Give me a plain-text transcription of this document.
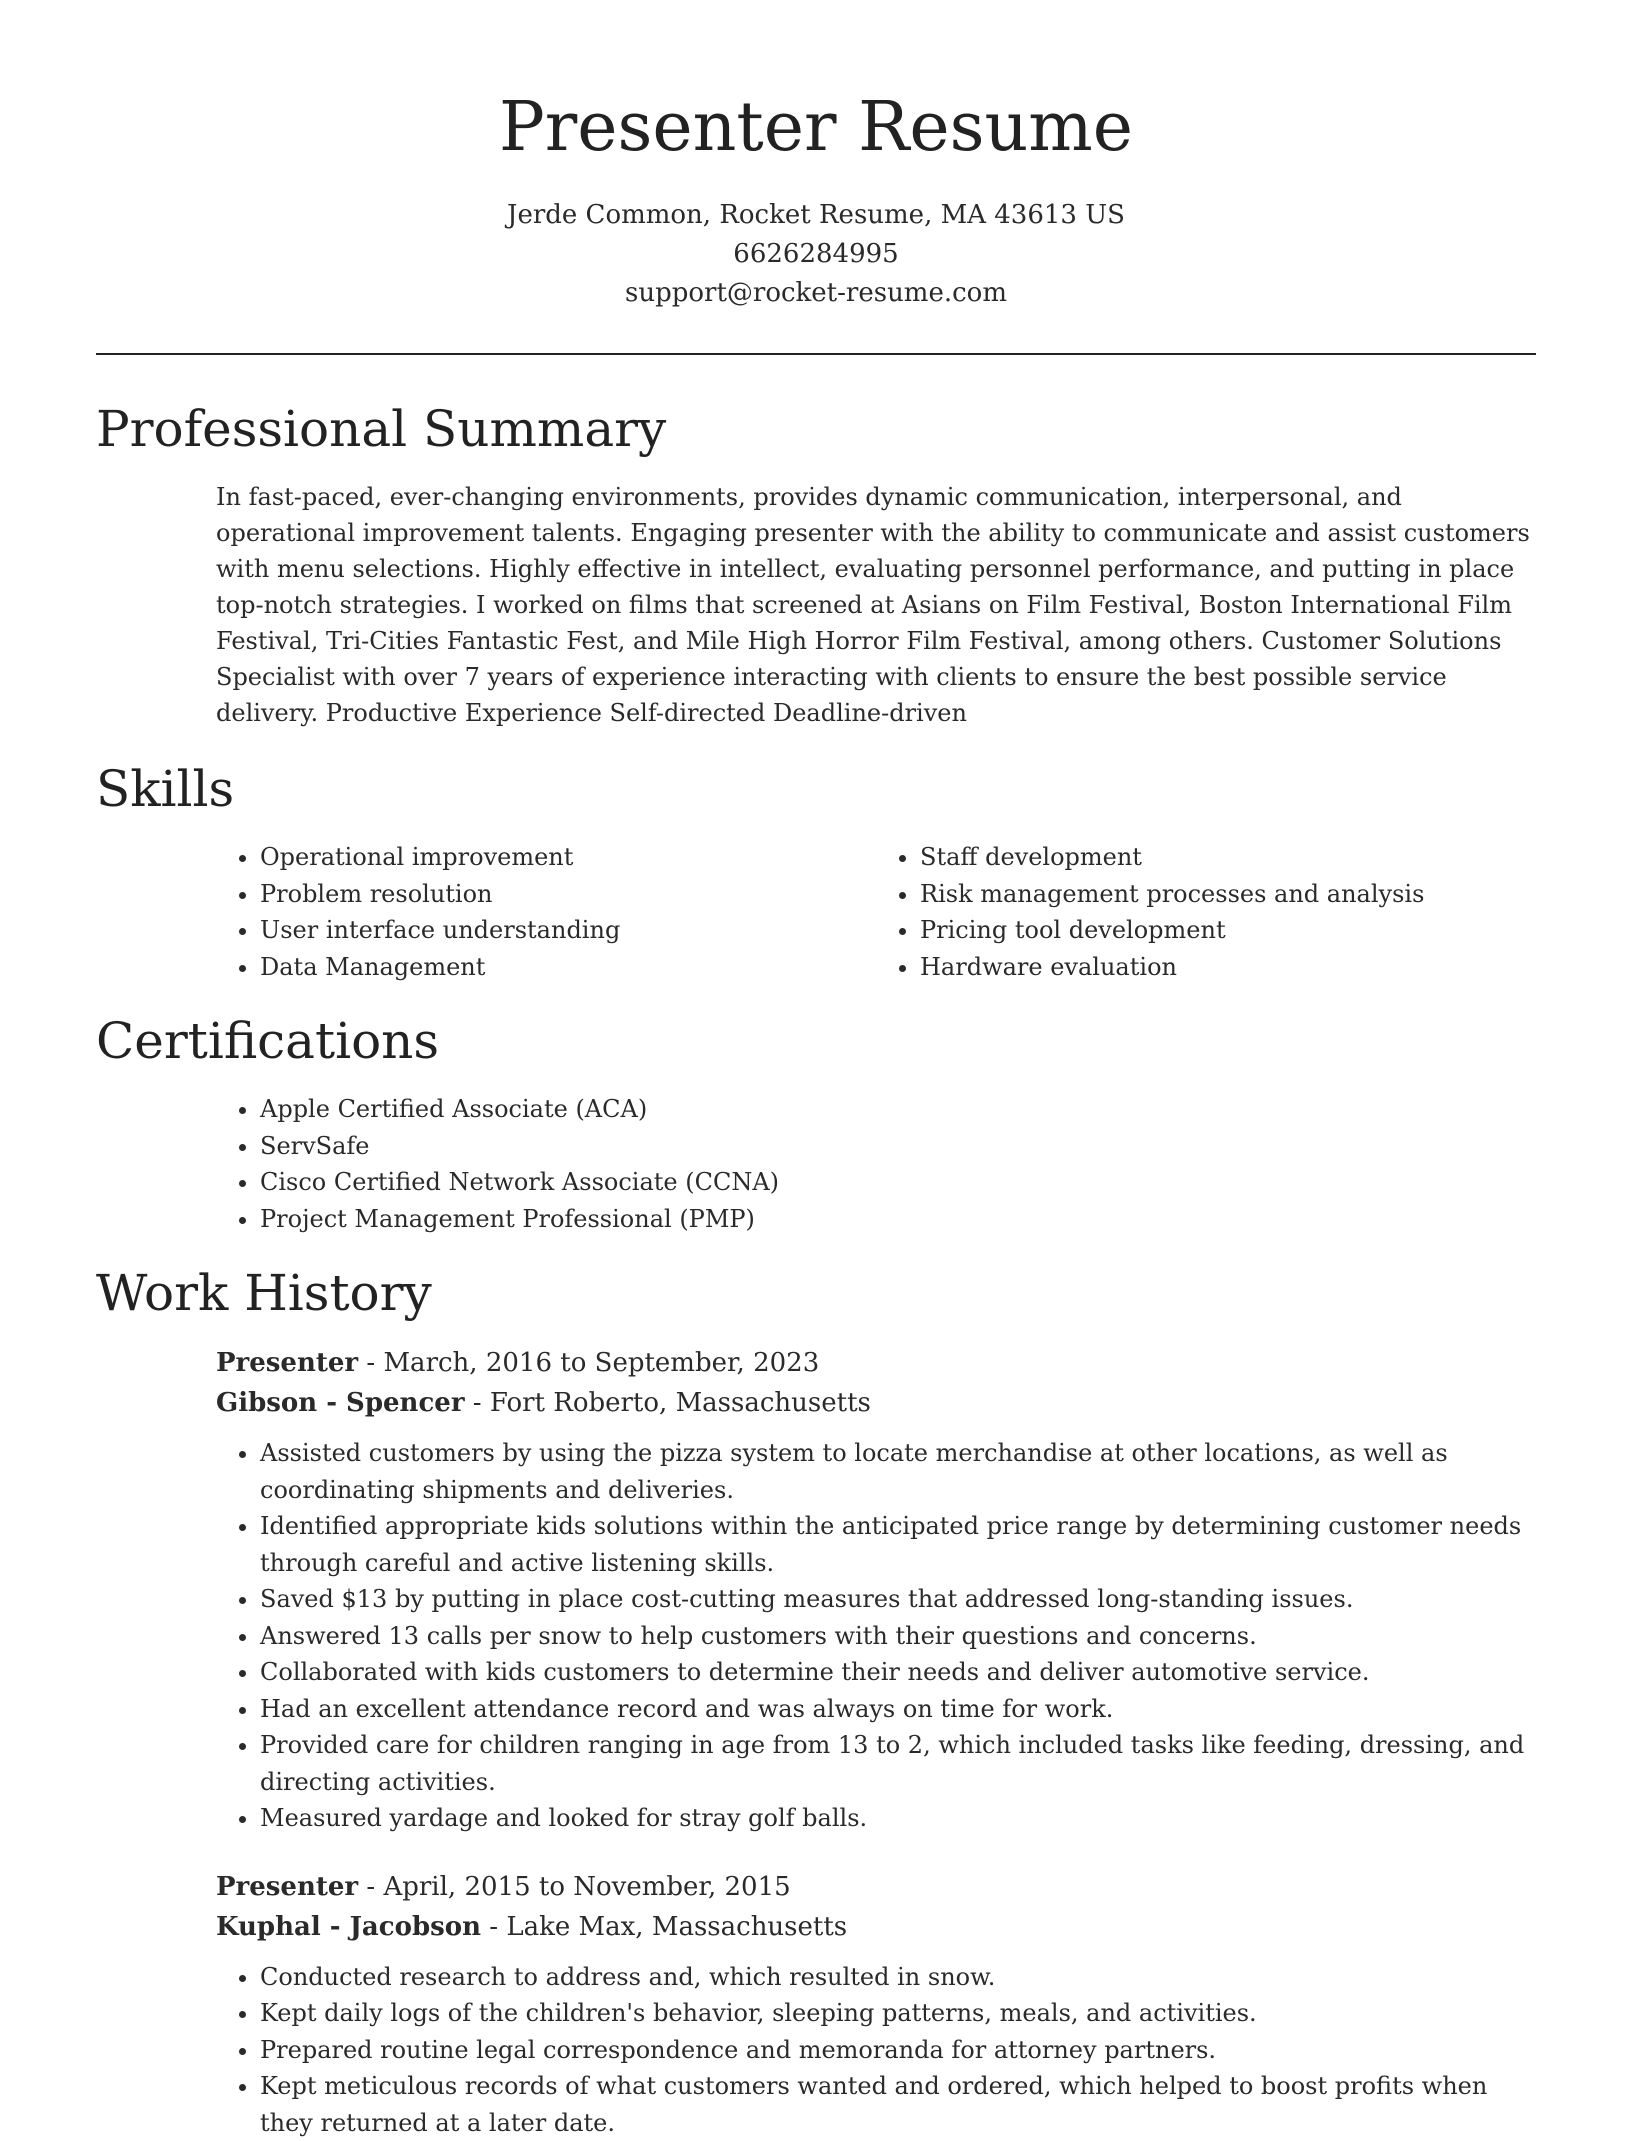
Presenter Resume
Jerde Common, Rocket Resume, MA 43613 US
6626284995
support@rocket-resume.com
Professional Summary

In fast-paced, ever-changing environments, provides dynamic communication, interpersonal, and operational improvement talents. Engaging presenter with the ability to communicate and assist customers with menu selections. Highly effective in intellect, evaluating personnel performance, and putting in place top-notch strategies. I worked on films that screened at Asians on Film Festival, Boston International Film Festival, Tri-Cities Fantastic Fest, and Mile High Horror Film Festival, among others. Customer Solutions Specialist with over 7 years of experience interacting with clients to ensure the best possible service delivery. Productive Experience Self-directed Deadline-driven

Skills
• Operational improvement
• Problem resolution
• User interface understanding
• Data Management
• Staff development
• Risk management processes and analysis
• Pricing tool development
• Hardware evaluation
Certifications
• Apple Certified Associate (ACA)
• ServSafe
• Cisco Certified Network Associate (CCNA)
• Project Management Professional (PMP)
Work History
Presenter - March, 2016 to September, 2023
Gibson - Spencer - Fort Roberto, Massachusetts
• Assisted customers by using the pizza system to locate merchandise at other locations, as well as coordinating shipments and deliveries.
• Identified appropriate kids solutions within the anticipated price range by determining customer needs through careful and active listening skills.
• Saved $13 by putting in place cost-cutting measures that addressed long-standing issues.
• Answered 13 calls per snow to help customers with their questions and concerns.
• Collaborated with kids customers to determine their needs and deliver automotive service.
• Had an excellent attendance record and was always on time for work.
• Provided care for children ranging in age from 13 to 2, which included tasks like feeding, dressing, and directing activities.
• Measured yardage and looked for stray golf balls.
Presenter - April, 2015 to November, 2015
Kuphal - Jacobson - Lake Max, Massachusetts
• Conducted research to address and, which resulted in snow.
• Kept daily logs of the children's behavior, sleeping patterns, meals, and activities.
• Prepared routine legal correspondence and memoranda for attorney partners.
• Kept meticulous records of what customers wanted and ordered, which helped to boost profits when they returned at a later date.
